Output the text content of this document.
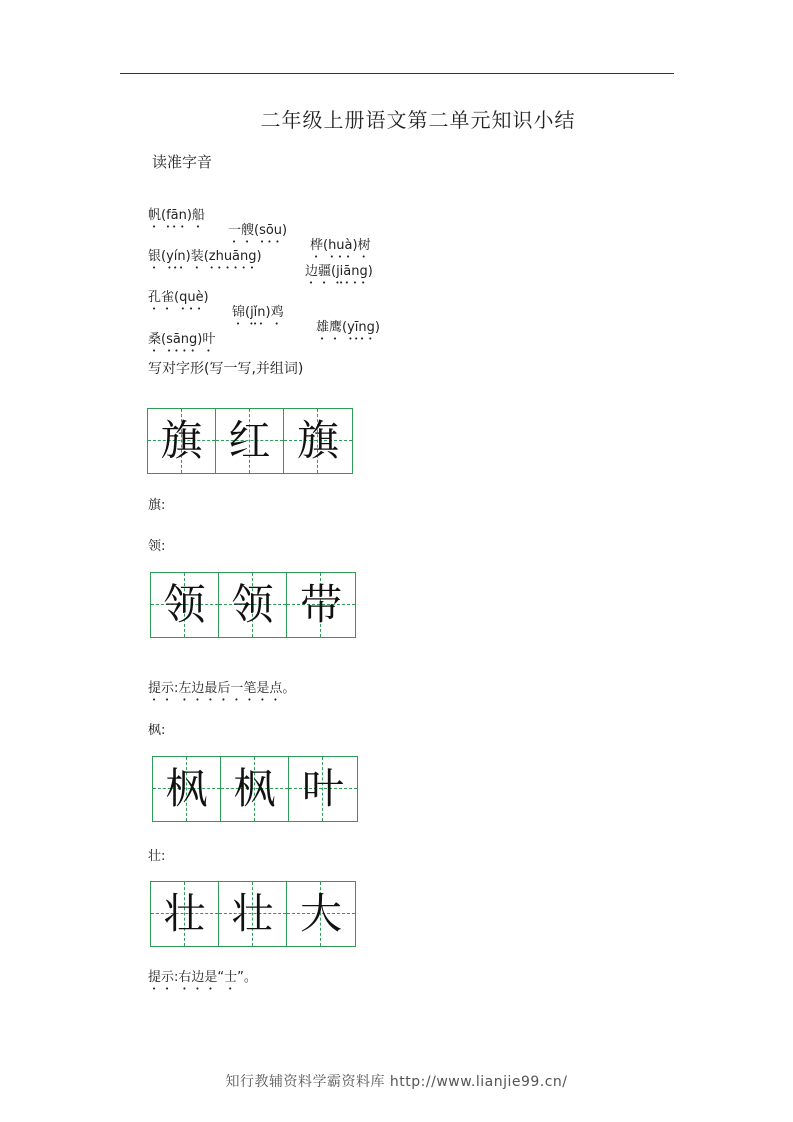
二年级上册语文第二单元知识小结
读准字音

帆(fān)船

一艘(sōu)

桦(huà)树

银(yín)装(zhuāng)

边疆(jiāng)

孔雀(què)

锦(jǐn)鸡

雄鹰(yīng)

桑(sāng)叶

写对字形(写一写,并组词)
旗 红 旗
旗:
领:
领 领 带
提示:左边最后一笔是点。
枫:
枫 枫 叶
壮:
壮 壮 大
提示:右边是“士”。
知行教辅资料学霸资料库 http://www.lianjie99.cn/
